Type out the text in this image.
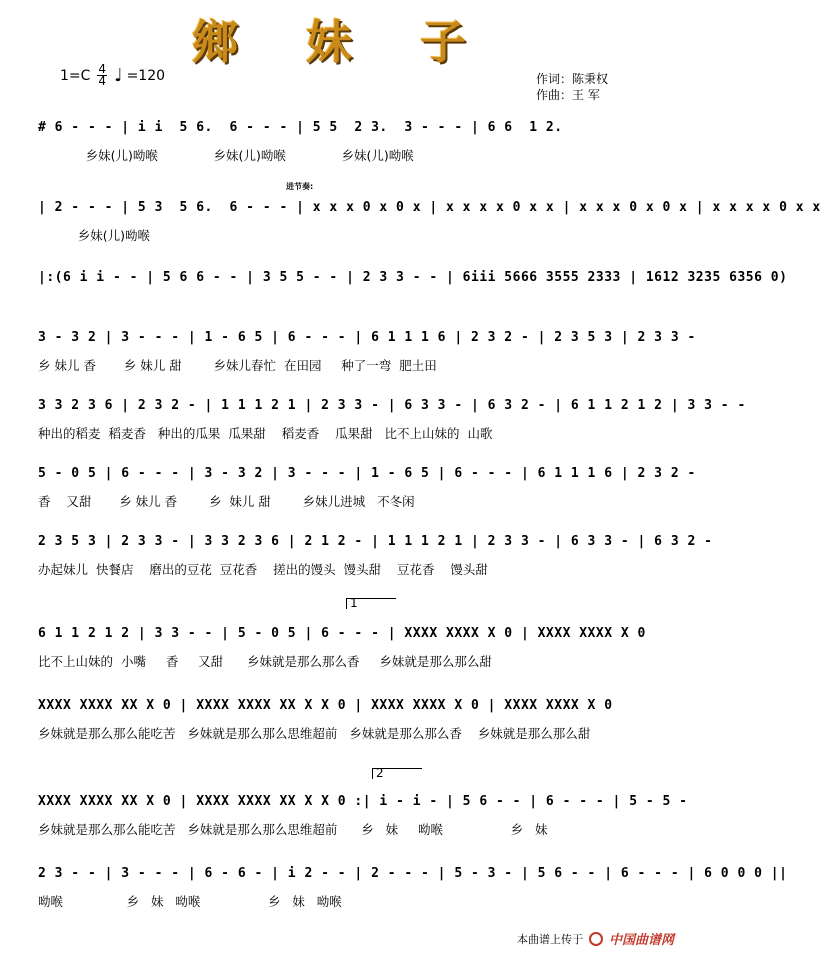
鄉 妹 子
$1=C \frac{4}{4}$ ♩ =120	作词：陈秉权
作曲：王 军
进节奏:
1
2
# 6 - - - | i i  5 6.  6 - - - | 5 5  2 3.  3 - - - | 6 6  1 2.
乡妹(儿)呦喉              乡妹(儿)呦喉              乡妹(儿)呦喉
| 2 - - - | 5 3  5 6.  6 - - - | x x x 0 x 0 x | x x x x 0 x x | x x x 0 x 0 x | x x x x 0 x x
乡妹(儿)呦喉
|:(6 i i - - | 5 6 6 - - | 3 5 5 - - | 2 3 3 - - | 6iii 5666 3555 2333 | 1612 3235 6356 0)
3 - 3 2 | 3 - - - | 1 - 6 5 | 6 - - - | 6 1 1 1 6 | 2 3 2 - | 2 3 5 3 | 2 3 3 -
乡 妹儿 香       乡 妹儿 甜        乡妹儿春忙  在田园     种了一弯  肥土田
3 3 2 3 6 | 2 3 2 - | 1 1 1 2 1 | 2 3 3 - | 6 3 3 - | 6 3 2 - | 6 1 1 2 1 2 | 3 3 - -
种出的稻麦  稻麦香   种出的瓜果  瓜果甜    稻麦香    瓜果甜   比不上山妹的  山歌
5 - 0 5 | 6 - - - | 3 - 3 2 | 3 - - - | 1 - 6 5 | 6 - - - | 6 1 1 1 6 | 2 3 2 -
香    又甜       乡 妹儿 香        乡  妹儿 甜        乡妹儿进城   不冬闲
2 3 5 3 | 2 3 3 - | 3 3 2 3 6 | 2 1 2 - | 1 1 1 2 1 | 2 3 3 - | 6 3 3 - | 6 3 2 -
办起妹儿  快餐店    磨出的豆花  豆花香    搓出的馒头  馒头甜    豆花香    馒头甜
6 1 1 2 1 2 | 3 3 - - | 5 - 0 5 | 6 - - - | XXXX XXXX X 0 | XXXX XXXX X 0
比不上山妹的  小嘴     香     又甜      乡妹就是那么那么香     乡妹就是那么那么甜
XXXX XXXX XX X 0 | XXXX XXXX XX X X 0 | XXXX XXXX X 0 | XXXX XXXX X 0
乡妹就是那么那么能吃苦   乡妹就是那么那么思维超前   乡妹就是那么那么香    乡妹就是那么那么甜
XXXX XXXX XX X 0 | XXXX XXXX XX X X 0 :| i - i - | 5 6 - - | 6 - - - | 5 - 5 -
乡妹就是那么那么能吃苦   乡妹就是那么那么思维超前      乡   妹     呦喉                 乡   妹
2 3 - - | 3 - - - | 6 - 6 - | i 2 - - | 2 - - - | 5 - 3 - | 5 6 - - | 6 - - - | 6 0 0 0 ||
呦喉                乡   妹   呦喉                 乡   妹   呦喉
本曲谱上传于 中国曲谱网
